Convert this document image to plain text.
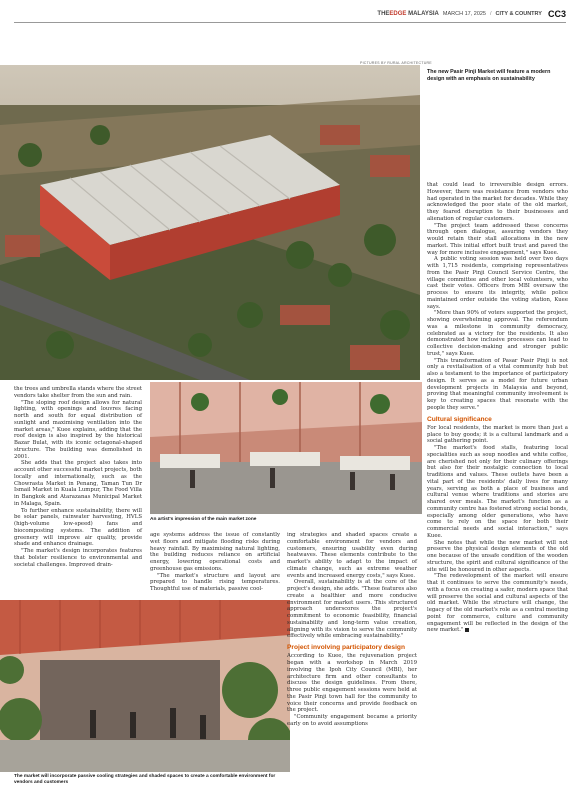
THEEDGE MALAYSIA MARCH 17, 2025 / CITY & COUNTRY CC3
PICTURES BY RURAL ARCHITECTURE
The new Pasir Pinji Market will feature a modern design with an emphasis on sustainability
An artist's impression of the main market zone
The market will incorporate passive cooling strategies and shaded spaces to create a comfortable environment for vendors and customers

the trees and umbrella stands where the street vendors take shelter from the sun and rain.

"The sloping roof design allows for natural lighting, with openings and louvres facing north and south for equal distribution of sunlight and maximising ventilation into the market areas," Kuee explains, adding that the roof design is also inspired by the historical Bazar Bulat, with its iconic octagonal-shaped structure. The building was demolished in 2001.

She adds that the project also takes into account other successful market projects, both locally and internationally, such as the Chowrasta Market in Penang, Taman Tun Dr Ismail Market in Kuala Lumpur, The Food Villa in Bangkok and Atarazanas Municipal Market in Malaga, Spain.

To further enhance sustainability, there will be solar panels, rainwater harvesting, HVLS (high-volume low-speed) fans and biocomposting systems. The addition of greenery will improve air quality, provide shade and enhance drainage.

"The market's design incorporates features that bolster resilience to environmental and societal challenges. Improved drain-

age systems address the issue of constantly wet floors and mitigate flooding risks during heavy rainfall. By maximising natural lighting, the building reduces reliance on artificial energy, lowering operational costs and greenhouse gas emissions.

"The market's structure and layout are prepared to handle rising temperatures. Thoughtful use of materials, passive cool-

ing strategies and shaded spaces create a comfortable environment for vendors and customers, ensuring usability even during heatwaves. These elements contribute to the market's ability to adapt to the impact of climate change, such as extreme weather events and increased energy costs," says Kuee.

Overall, sustainability is at the core of the project's design, she adds. "These features also create a healthier and more conducive environment for market users. This structured approach underscores the project's commitment to economic feasibility, financial sustainability and long-term value creation, aligning with its vision to serve the community effectively while embracing sustainability."

Project involving participatory design

According to Kuee, the rejuvenation project began with a workshop in March 2019 involving the Ipoh City Council (MBI), her architecture firm and other consultants to discuss the design guidelines. From there, three public engagement sessions were held at the Pasir Pinji town hall for the community to voice their concerns and provide feedback on the project.

"Community engagement became a priority early on to avoid assumptions

that could lead to irreversible design errors. However, there was resistance from vendors who had operated in the market for decades. While they acknowledged the poor state of the old market, they feared disruption to their businesses and alienation of regular customers.

"The project team addressed these concerns through open dialogue, assuring vendors they would retain their stall allocations in the new market. This initial effort built trust and paved the way for more inclusive engagement," says Kuee.

A public voting session was held over two days with 1,715 residents, comprising representatives from the Pasir Pinji Council Service Centre, the village committee and other local volunteers, who cast their votes. Officers from MBI oversaw the process to ensure its integrity, while police maintained order outside the voting station, Kuee says.

"More than 90% of voters supported the project, showing overwhelming approval. The referendum was a milestone in community democracy, celebrated as a victory for the residents. It also demonstrated how inclusive processes can lead to collective decision-making and stronger public trust," says Kuee.

"This transformation of Pasar Pasir Pinji is not only a revitalisation of a vital community hub but also a testament to the importance of participatory design. It serves as a model for future urban development projects in Malaysia and beyond, proving that meaningful community involvement is key to creating spaces that resonate with the people they serve."

Cultural significance

For local residents, the market is more than just a place to buy goods; it is a cultural landmark and a social gathering point.

"The market's food stalls, featuring local specialities such as soup noodles and white coffee, are cherished not only for their culinary offerings but also for their nostalgic connection to local traditions and values. These outlets have been a vital part of the residents' daily lives for many years, serving as both a place of business and cultural venue where traditions and stories are shared over meals. The market's function as a community centre has fostered strong social bonds, especially among older generations, who have come to rely on the space for both their commercial needs and social interaction," says Kuee.

She notes that while the new market will not preserve the physical design elements of the old one because of the unsafe condition of the wooden structure, the spirit and cultural significance of the site will be honoured in other aspects.

"The redevelopment of the market will ensure that it continues to serve the community's needs, with a focus on creating a safer, modern space that will preserve the social and cultural aspects of the old market. While the structure will change, the legacy of the old market's role as a central meeting point for commerce, culture and community engagement will be reflected in the design of the new market."
